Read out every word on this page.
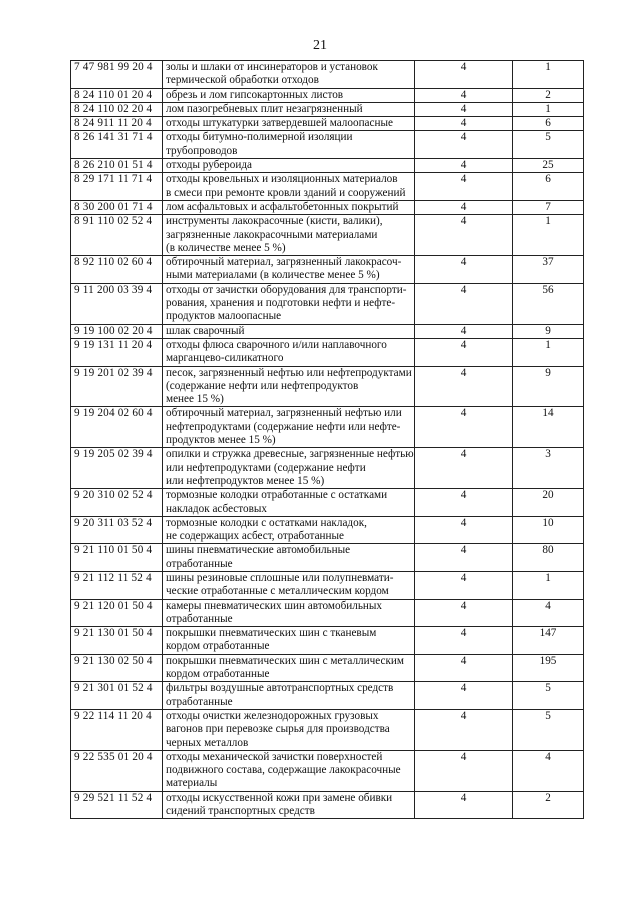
21
7 47 981 99 20 4	золы и шлаки от инсинераторов и установок
термической обработки отходов	4	1
8 24 110 01 20 4	обрезь и лом гипсокартонных листов	4	2
8 24 110 02 20 4	лом пазогребневых плит незагрязненный	4	1
8 24 911 11 20 4	отходы штукатурки затвердевшей малоопасные	4	6
8 26 141 31 71 4	отходы битумно-полимерной изоляции
трубопроводов	4	5
8 26 210 01 51 4	отходы рубероида	4	25
8 29 171 11 71 4	отходы кровельных и изоляционных материалов
в смеси при ремонте кровли зданий и сооружений	4	6
8 30 200 01 71 4	лом асфальтовых и асфальтобетонных покрытий	4	7
8 91 110 02 52 4	инструменты лакокрасочные (кисти, валики),
загрязненные лакокрасочными материалами
(в количестве менее 5 %)	4	1
8 92 110 02 60 4	обтирочный материал, загрязненный лакокрасоч-
ными материалами (в количестве менее 5 %)	4	37
9 11 200 03 39 4	отходы от зачистки оборудования для транспорти-
рования, хранения и подготовки нефти и нефте-
продуктов малоопасные	4	56
9 19 100 02 20 4	шлак сварочный	4	9
9 19 131 11 20 4	отходы флюса сварочного и/или наплавочного
марганцево-силикатного	4	1
9 19 201 02 39 4	песок, загрязненный нефтью или нефтепродуктами
(содержание нефти или нефтепродуктов
менее 15 %)	4	9
9 19 204 02 60 4	обтирочный материал, загрязненный нефтью или
нефтепродуктами (содержание нефти или нефте-
продуктов менее 15 %)	4	14
9 19 205 02 39 4	опилки и стружка древесные, загрязненные нефтью
или нефтепродуктами (содержание нефти
или нефтепродуктов менее 15 %)	4	3
9 20 310 02 52 4	тормозные колодки отработанные с остатками
накладок асбестовых	4	20
9 20 311 03 52 4	тормозные колодки с остатками накладок,
не содержащих асбест, отработанные	4	10
9 21 110 01 50 4	шины пневматические автомобильные
отработанные	4	80
9 21 112 11 52 4	шины резиновые сплошные или полупневмати-
ческие отработанные с металлическим кордом	4	1
9 21 120 01 50 4	камеры пневматических шин автомобильных
отработанные	4	4
9 21 130 01 50 4	покрышки пневматических шин с тканевым
кордом отработанные	4	147
9 21 130 02 50 4	покрышки пневматических шин с металлическим
кордом отработанные	4	195
9 21 301 01 52 4	фильтры воздушные автотранспортных средств
отработанные	4	5
9 22 114 11 20 4	отходы очистки железнодорожных грузовых
вагонов при перевозке сырья для производства
черных металлов	4	5
9 22 535 01 20 4	отходы механической зачистки поверхностей
подвижного состава, содержащие лакокрасочные
материалы	4	4
9 29 521 11 52 4	отходы искусственной кожи при замене обивки
сидений транспортных средств	4	2
